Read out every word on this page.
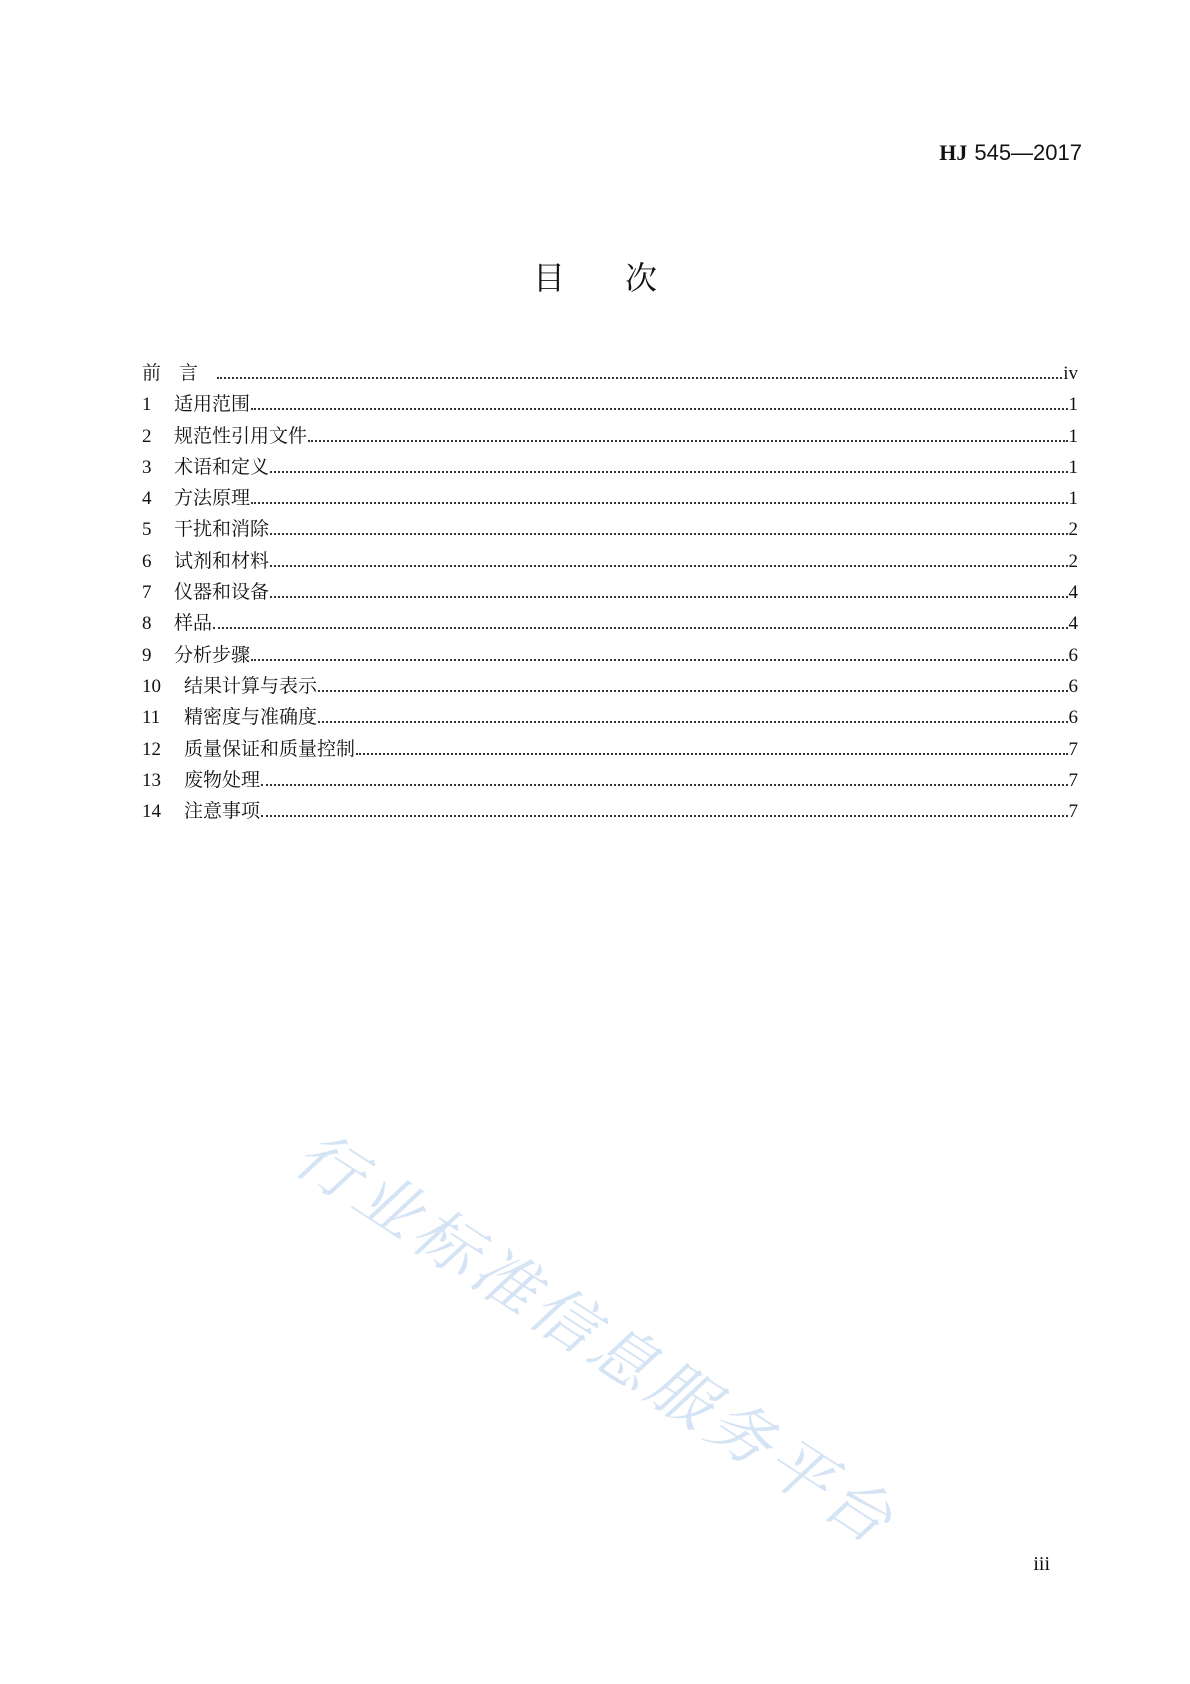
HJ 545—2017
目次
前言	iv
1	适用范围	1
2	规范性引用文件	1
3	术语和定义	1
4	方法原理	1
5	干扰和消除	2
6	试剂和材料	2
7	仪器和设备	4
8	样品	4
9	分析步骤	6
10	结果计算与表示	6
11	精密度与准确度	6
12	质量保证和质量控制	7
13	废物处理	7
14	注意事项	7
行业标准信息服务平台
iii
